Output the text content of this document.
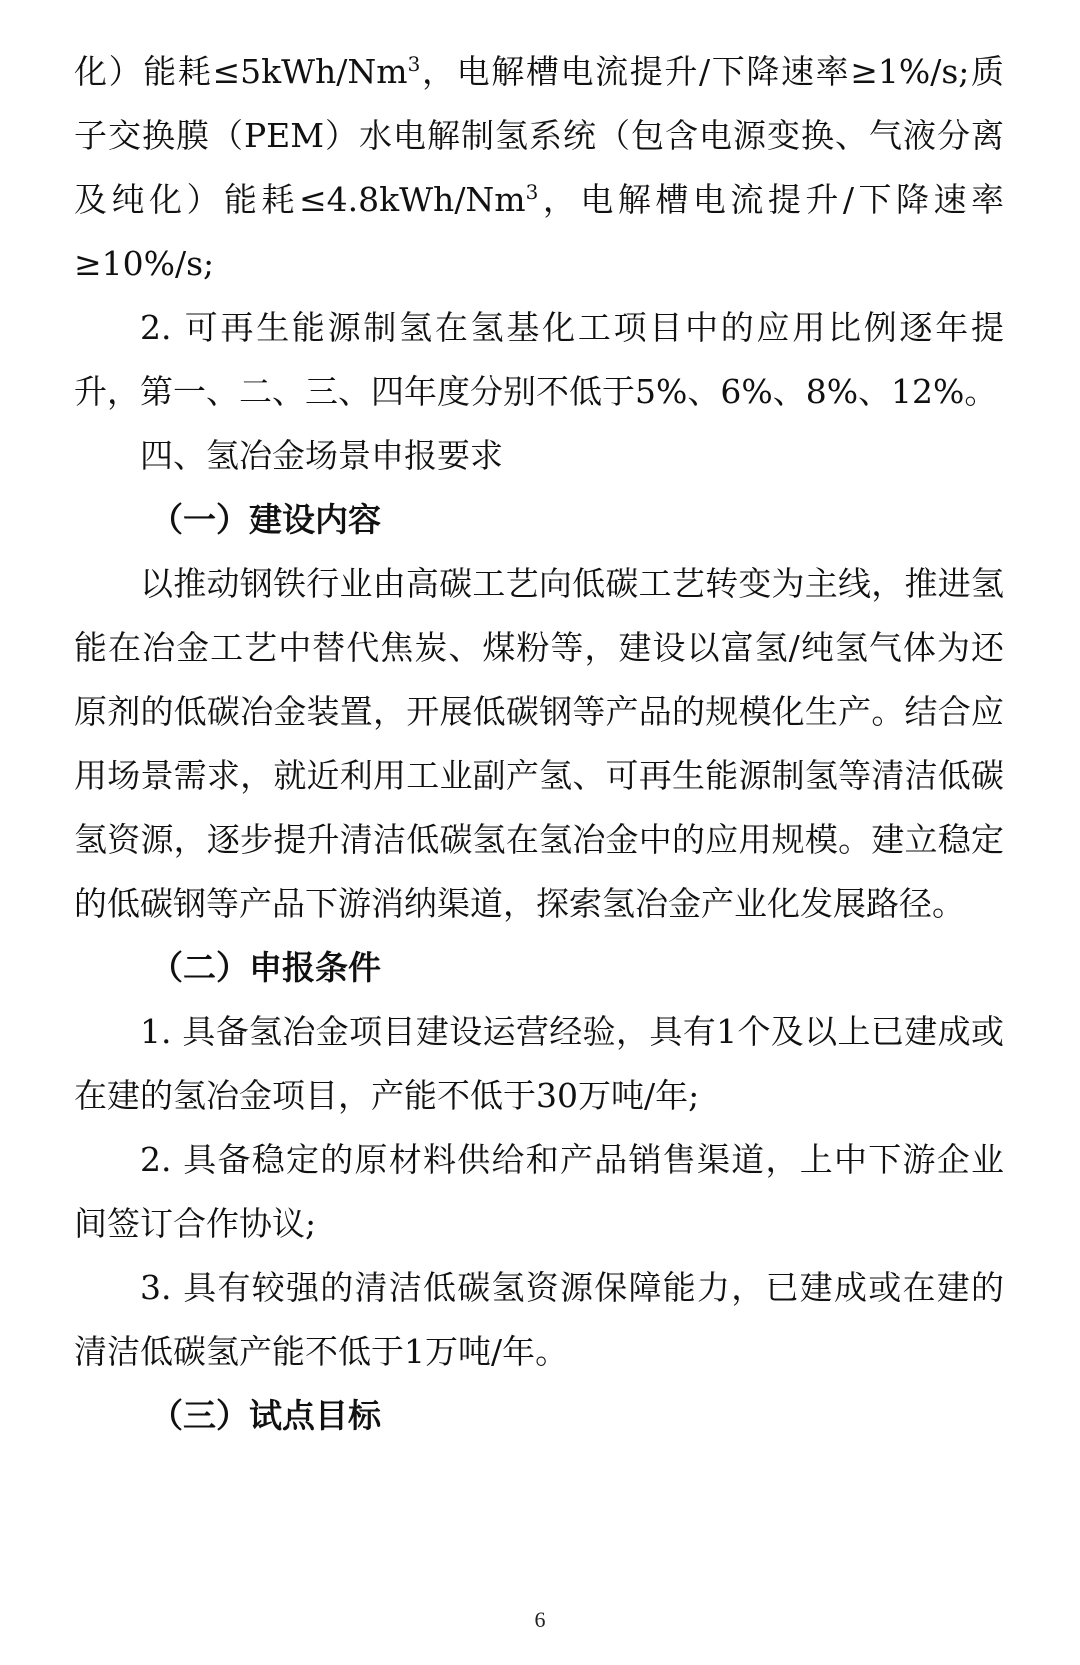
化）能耗$\le 5kWh/Nm^3$，电解槽电流提升/下降速率≥1%/s;质子交换膜（PEM）水电解制氢系统（包含电源变换、气液分离及纯化）能耗$\le 4.8kWh/Nm^3$，电解槽电流提升/下降速率≥10%/s;

2. 可再生能源制氢在氢基化工项目中的应用比例逐年提升，第一、二、三、四年度分别不低于5%、6%、8%、12%。

四、氢冶金场景申报要求

（一）建设内容

以推动钢铁行业由高碳工艺向低碳工艺转变为主线，推进氢能在冶金工艺中替代焦炭、煤粉等，建设以富氢/纯氢气体为还原剂的低碳冶金装置，开展低碳钢等产品的规模化生产。结合应用场景需求，就近利用工业副产氢、可再生能源制氢等清洁低碳氢资源，逐步提升清洁低碳氢在氢冶金中的应用规模。建立稳定的低碳钢等产品下游消纳渠道，探索氢冶金产业化发展路径。

（二）申报条件

1. 具备氢冶金项目建设运营经验，具有1个及以上已建成或在建的氢冶金项目，产能不低于30万吨/年;

2. 具备稳定的原材料供给和产品销售渠道，上中下游企业间签订合作协议;

3. 具有较强的清洁低碳氢资源保障能力，已建成或在建的清洁低碳氢产能不低于1万吨/年。

（三）试点目标

6
